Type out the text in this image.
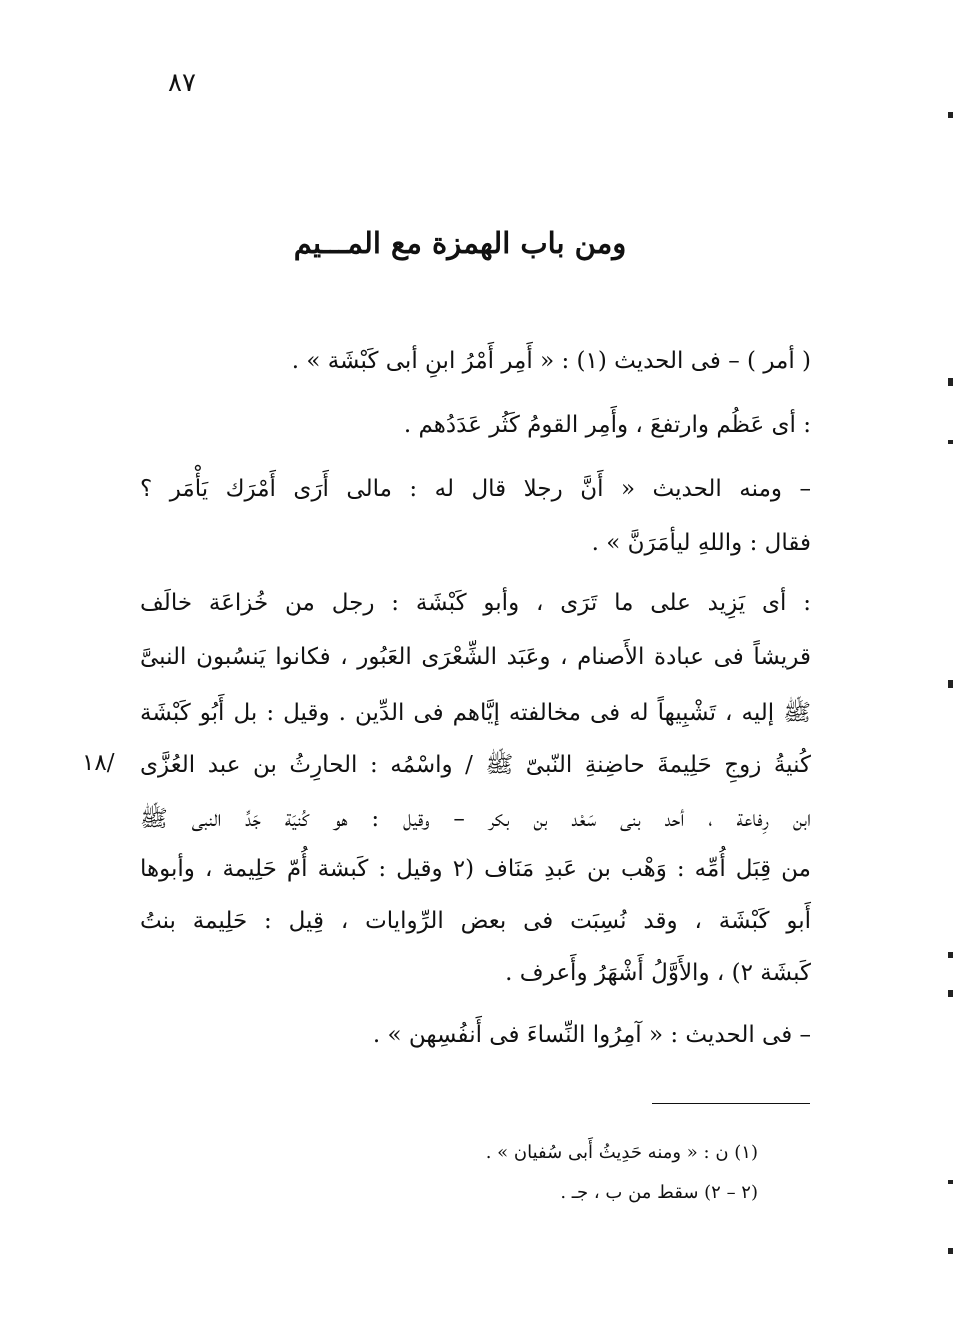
٨٧
ومن باب الهمزة مع المـــيم
( أمر ) – فى الحديث (١) : « أَمِر أَمْرُ ابنِ أبى كَبْشَة » .
: أى عَظُم وارتفعَ ، وأَمِر القومُ كَثُر عَدَدُهم .
– ومنه الحديث « أَنَّ رجلا قال له : مالى أَرَى أَمْرَك يَأْمَر ؟
فقال : واللهِ ليأمَرَنَّ » .
: أى يَزِيد على ما تَرَى ، وأبو كَبْشَة : رجل من خُزاعَة خالَف
قريشاً فى عبادة الأَصنام ، وعَبَد الشِّعْرَى العَبُور ، فكانوا يَنسُبون النبىَّ
ﷺ إليه ، تَشْبِيهاً له فى مخالفته إيَّاهم فى الدِّين . وقيل : بل أَبُو كَبْشَة
كُنيةُ زوجِ حَلِيمةَ حاضِنةِ النّبىّ ﷺ / واسْمُه : الحارِثُ بن عبد العُزَّى
ابن رِفاعة ، أحد بنى سَعْد بن بكر – وقيل : هو كُنيَة جَدِّ النبى ﷺ
من قِبَل أُمِّه : وَهْب بن عَبدِ مَنَاف (٢ وقيل : كَبشة أُمّ حَلِيمة ، وأبوها
أَبو كَبْشَة ، وقد نُسِبَت فى بعض الرِّوايات ، قِيل : حَلِيمة بنتُ
كَبشَة ٢) ، والأَوَّلُ أَشْهَرُ وأَعرف .
– فى الحديث : « آمِرُوا النِّساءَ فى أَنفُسِهن » .
/١٨
(١) ن : « ومنه حَدِيثُ أَبى سُفيان » .
(٢ – ٢) سقط من ب ، جـ .
